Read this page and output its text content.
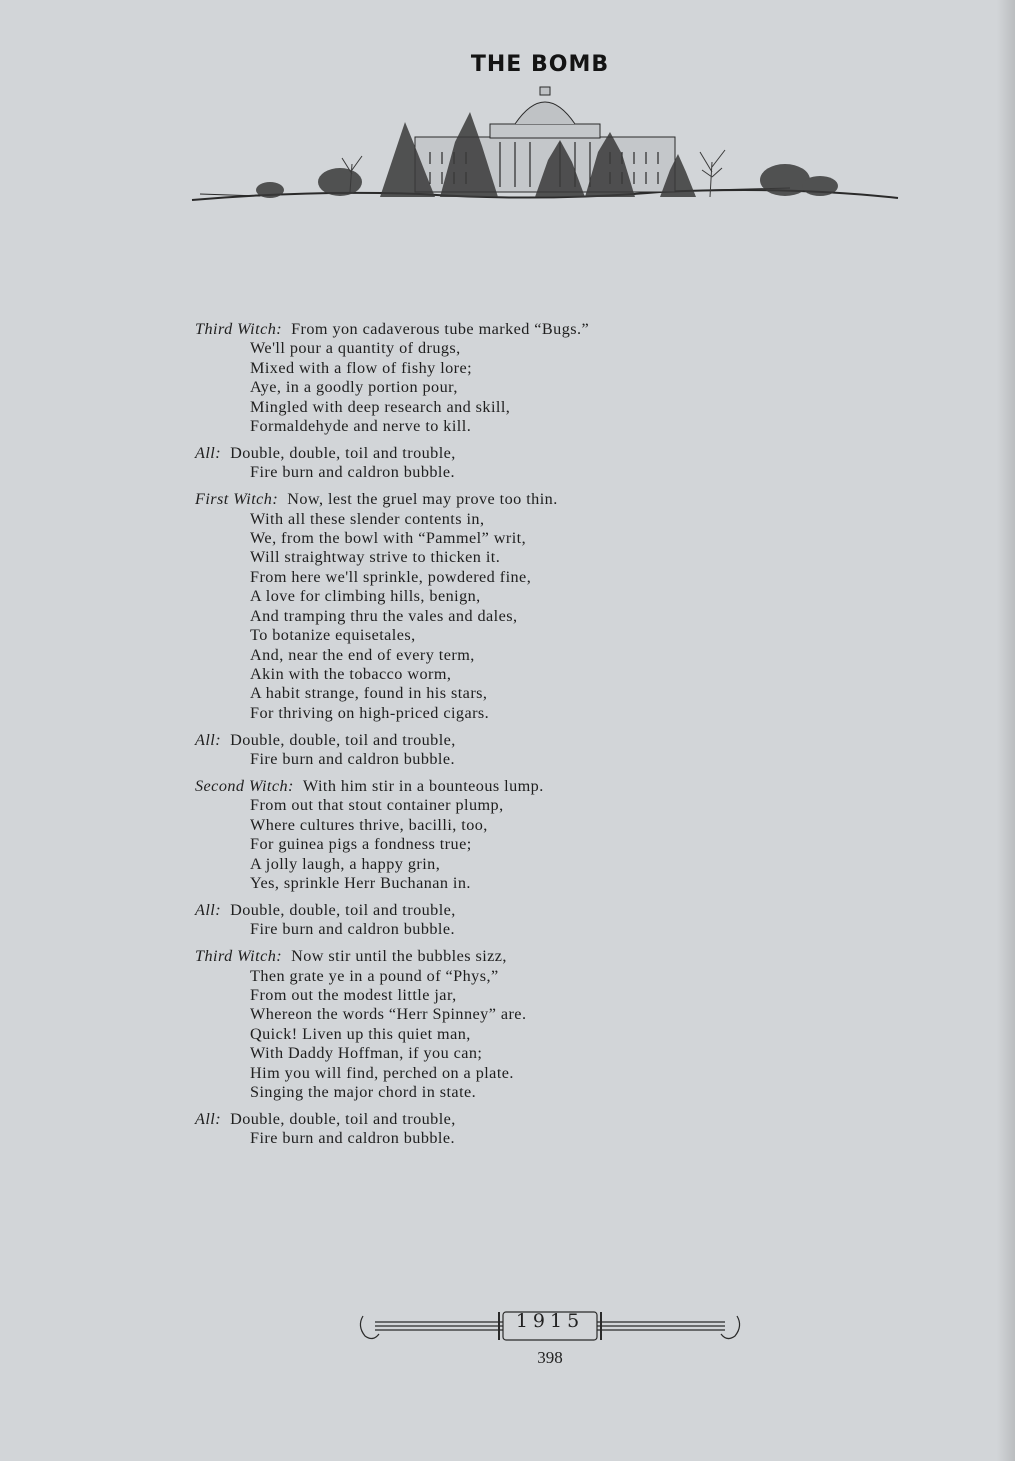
THE BOMB
Third Witch: From yon cadaverous tube marked “Bugs.”
We'll pour a quantity of drugs,
Mixed with a flow of fishy lore;
Aye, in a goodly portion pour,
Mingled with deep research and skill,
Formaldehyde and nerve to kill.
All: Double, double, toil and trouble,
Fire burn and caldron bubble.
First Witch: Now, lest the gruel may prove too thin.
With all these slender contents in,
We, from the bowl with “Pammel” writ,
Will straightway strive to thicken it.
From here we'll sprinkle, powdered fine,
A love for climbing hills, benign,
And tramping thru the vales and dales,
To botanize equisetales,
And, near the end of every term,
Akin with the tobacco worm,
A habit strange, found in his stars,
For thriving on high-priced cigars.
All: Double, double, toil and trouble,
Fire burn and caldron bubble.
Second Witch: With him stir in a bounteous lump.
From out that stout container plump,
Where cultures thrive, bacilli, too,
For guinea pigs a fondness true;
A jolly laugh, a happy grin,
Yes, sprinkle Herr Buchanan in.
All: Double, double, toil and trouble,
Fire burn and caldron bubble.
Third Witch: Now stir until the bubbles sizz,
Then grate ye in a pound of “Phys,”
From out the modest little jar,
Whereon the words “Herr Spinney” are.
Quick! Liven up this quiet man,
With Daddy Hoffman, if you can;
Him you will find, perched on a plate.
Singing the major chord in state.
All: Double, double, toil and trouble,
Fire burn and caldron bubble.
1915
398
